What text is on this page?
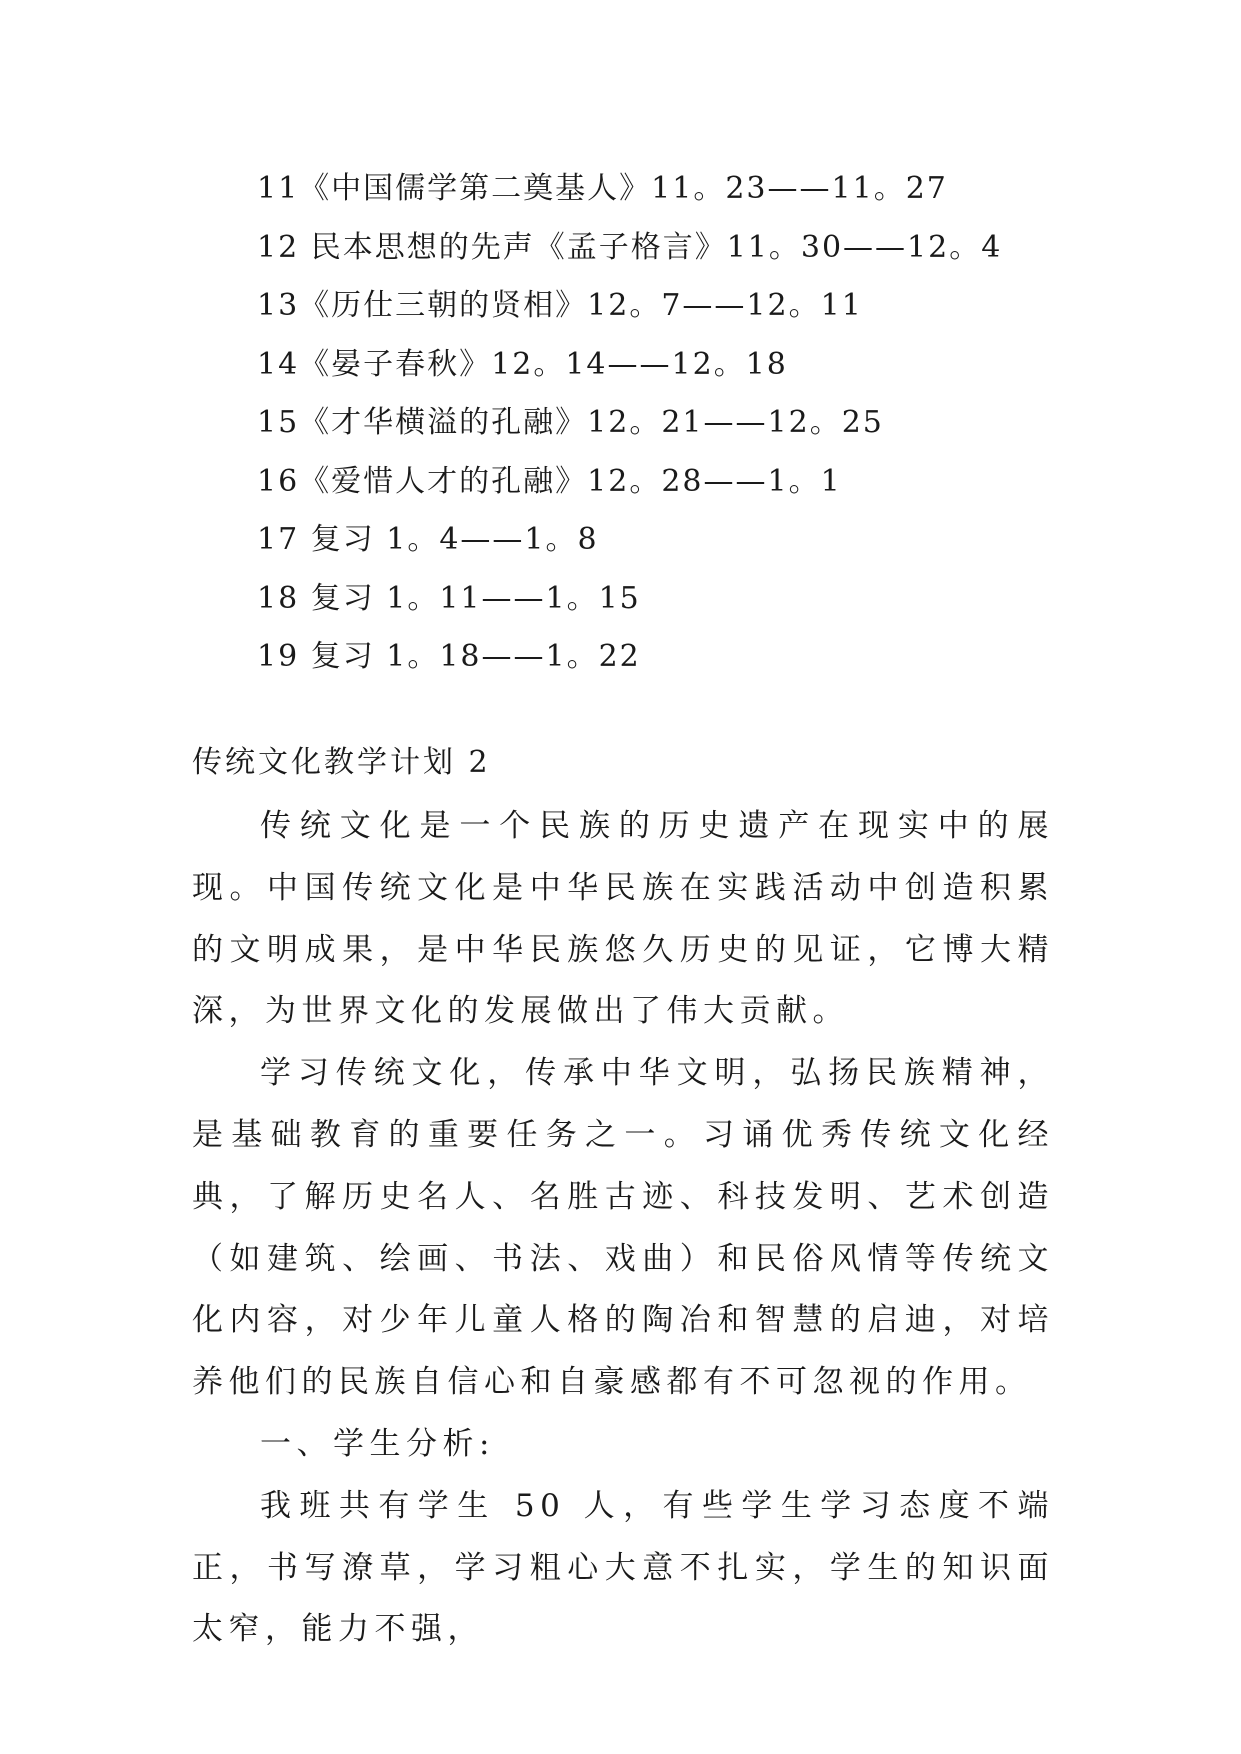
11《中国儒学第二奠基人》11。23——11。27
12 民本思想的先声《孟子格言》11。30——12。4
13《历仕三朝的贤相》12。7——12。11
14《晏子春秋》12。14——12。18
15《才华横溢的孔融》12。21——12。25
16《爱惜人才的孔融》12。28——1。1
17 复习 1。4——1。8
18 复习 1。11——1。15
19 复习 1。18——1。22
传统文化教学计划 2

传统文化是一个民族的历史遗产在现实中的展现。中国传统文化是中华民族在实践活动中创造积累的文明成果，是中华民族悠久历史的见证，它博大精深，为世界文化的发展做出了伟大贡献。

学习传统文化，传承中华文明，弘扬民族精神，是基础教育的重要任务之一。习诵优秀传统文化经典，了解历史名人、名胜古迹、科技发明、艺术创造（如建筑、绘画、书法、戏曲）和民俗风情等传统文化内容，对少年儿童人格的陶冶和智慧的启迪，对培养他们的民族自信心和自豪感都有不可忽视的作用。

一、学生分析:

我班共有学生 50 人，有些学生学习态度不端正，书写潦草，学习粗心大意不扎实，学生的知识面太窄，能力不强，
